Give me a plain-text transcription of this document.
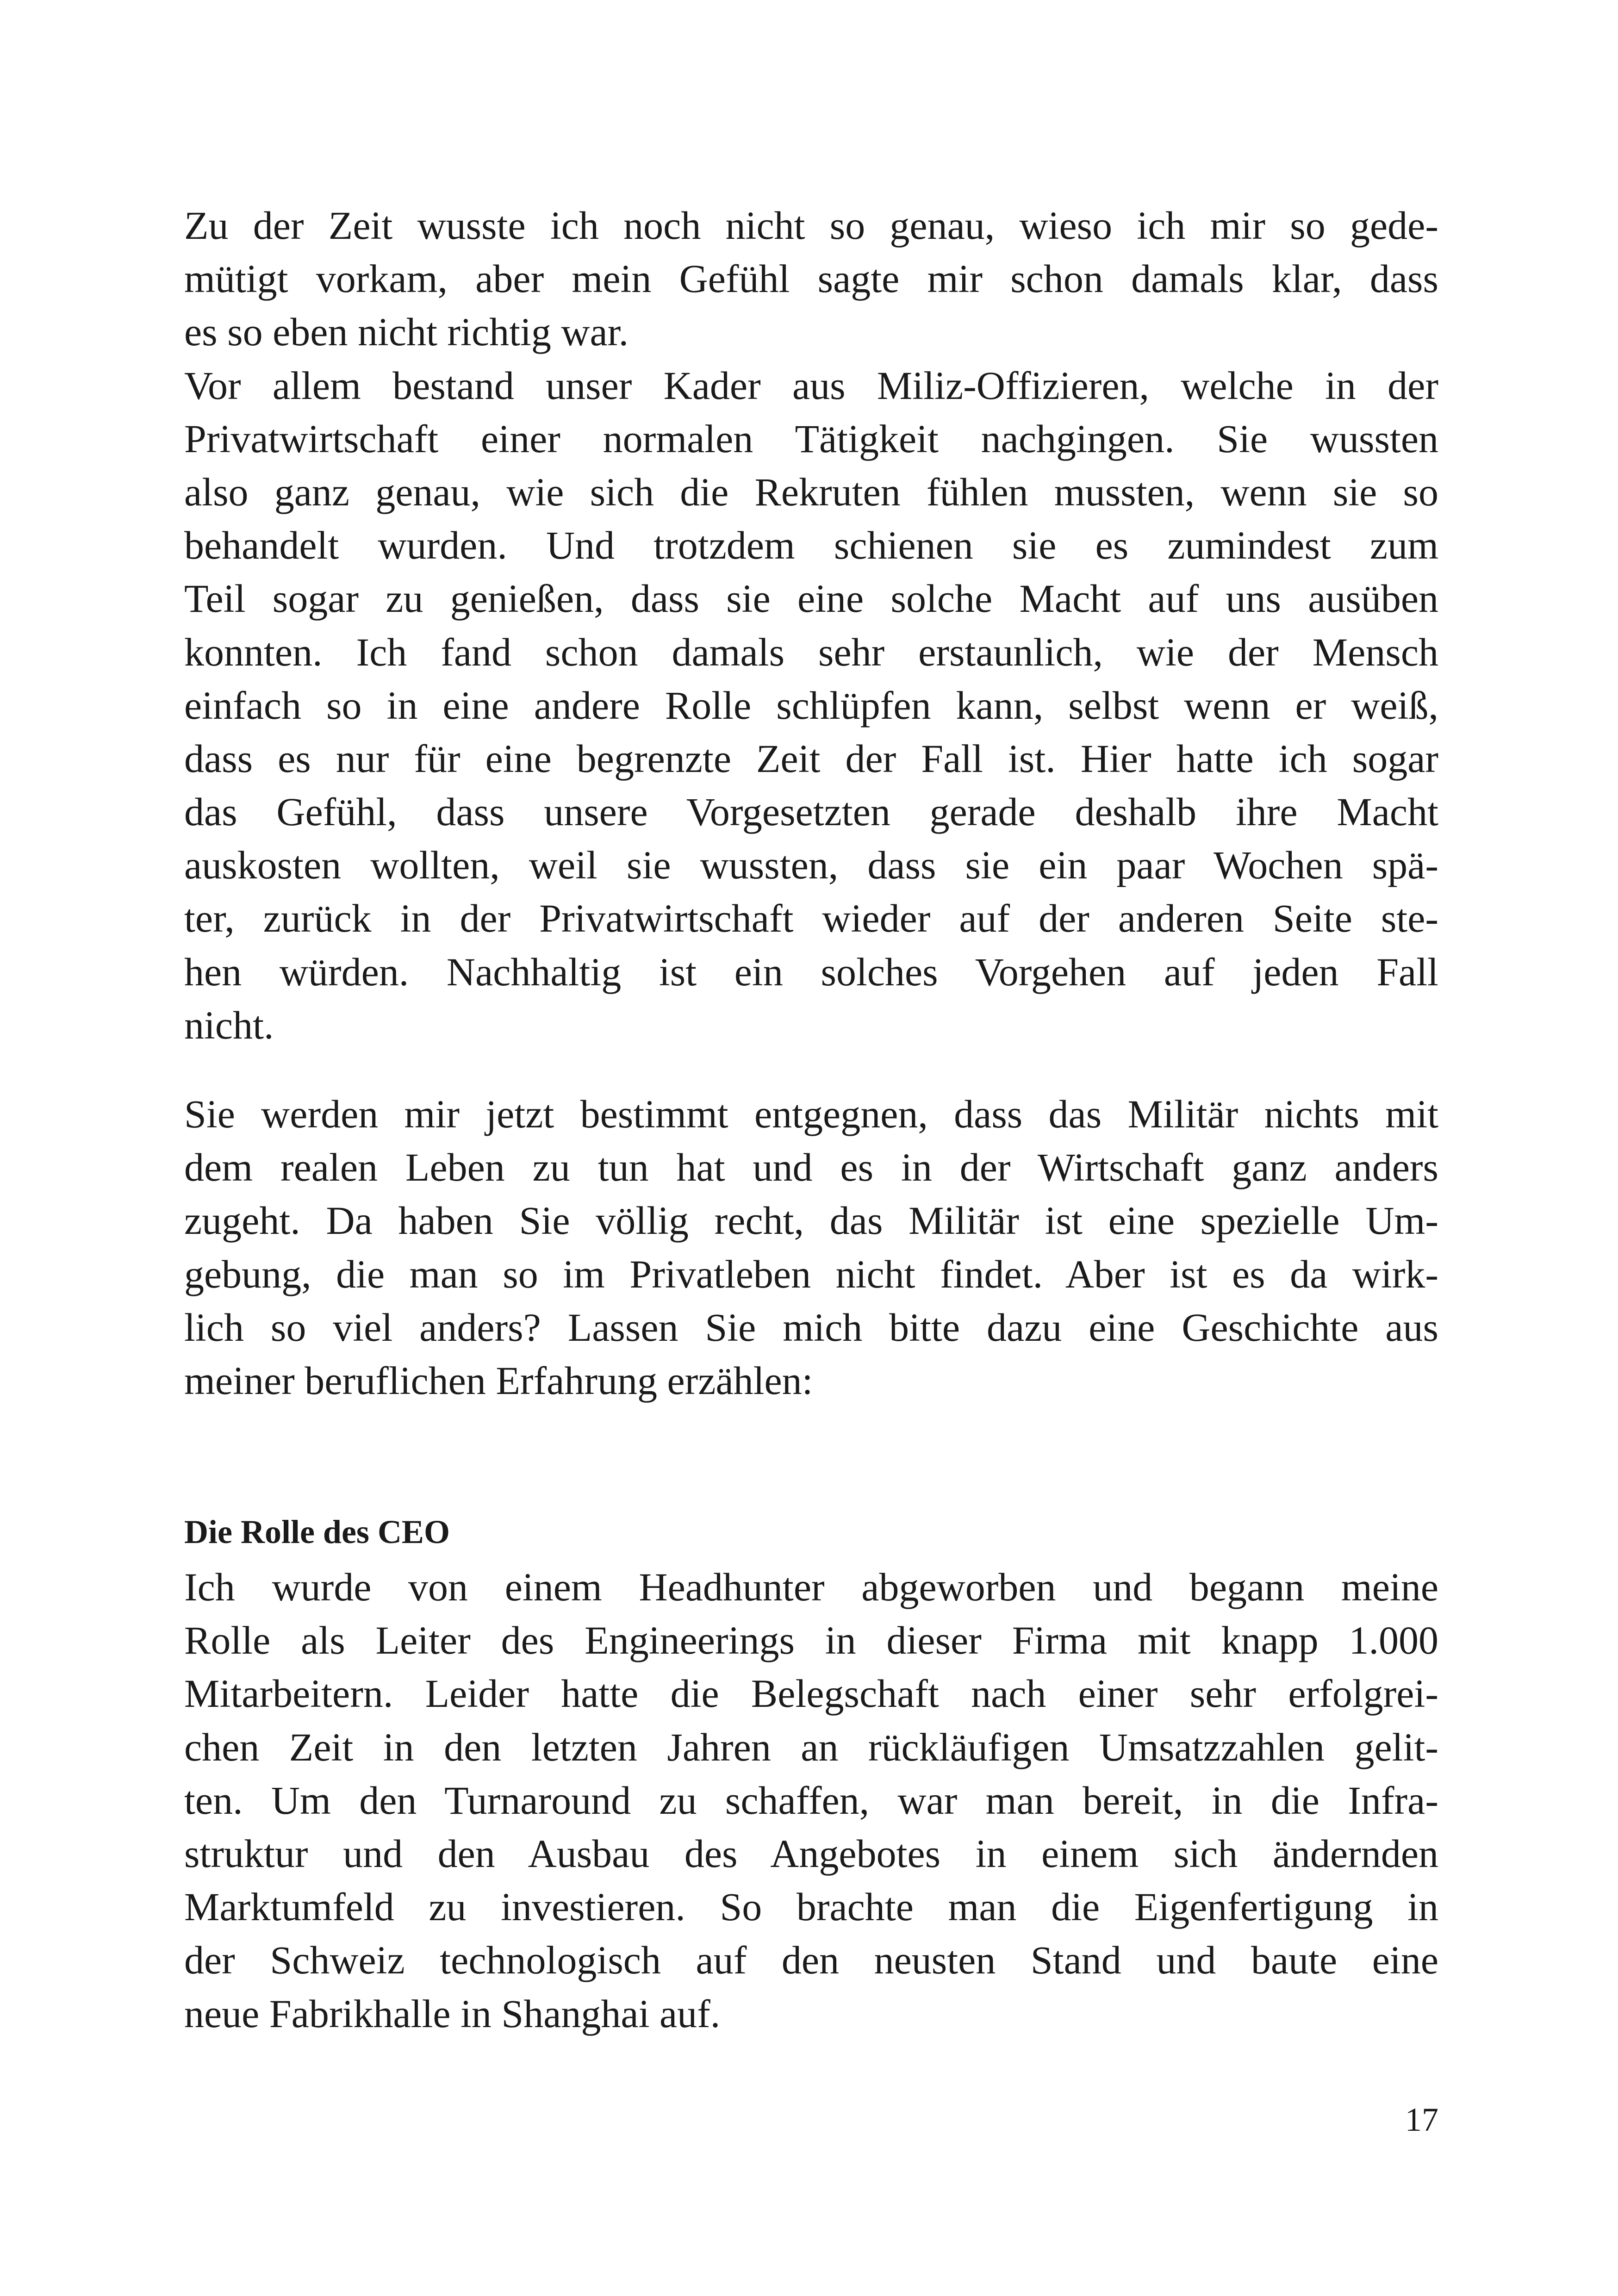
Zu der Zeit wusste ich noch nicht so genau, wieso ich mir so gede-
mütigt vorkam, aber mein Gefühl sagte mir schon damals klar, dass
es so eben nicht richtig war.
Vor allem bestand unser Kader aus Miliz-Offizieren, welche in der
Privatwirtschaft einer normalen Tätigkeit nachgingen. Sie wussten
also ganz genau, wie sich die Rekruten fühlen mussten, wenn sie so
behandelt wurden. Und trotzdem schienen sie es zumindest zum
Teil sogar zu genießen, dass sie eine solche Macht auf uns ausüben
konnten. Ich fand schon damals sehr erstaunlich, wie der Mensch
einfach so in eine andere Rolle schlüpfen kann, selbst wenn er weiß,
dass es nur für eine begrenzte Zeit der Fall ist. Hier hatte ich sogar
das Gefühl, dass unsere Vorgesetzten gerade deshalb ihre Macht
auskosten wollten, weil sie wussten, dass sie ein paar Wochen spä-
ter, zurück in der Privatwirtschaft wieder auf der anderen Seite ste-
hen würden. Nachhaltig ist ein solches Vorgehen auf jeden Fall
nicht.
Sie werden mir jetzt bestimmt entgegnen, dass das Militär nichts mit
dem realen Leben zu tun hat und es in der Wirtschaft ganz anders
zugeht. Da haben Sie völlig recht, das Militär ist eine spezielle Um-
gebung, die man so im Privatleben nicht findet. Aber ist es da wirk-
lich so viel anders? Lassen Sie mich bitte dazu eine Geschichte aus
meiner beruflichen Erfahrung erzählen:
Die Rolle des CEO
Ich wurde von einem Headhunter abgeworben und begann meine
Rolle als Leiter des Engineerings in dieser Firma mit knapp 1.000
Mitarbeitern. Leider hatte die Belegschaft nach einer sehr erfolgrei-
chen Zeit in den letzten Jahren an rückläufigen Umsatzzahlen gelit-
ten. Um den Turnaround zu schaffen, war man bereit, in die Infra-
struktur und den Ausbau des Angebotes in einem sich ändernden
Marktumfeld zu investieren. So brachte man die Eigenfertigung in
der Schweiz technologisch auf den neusten Stand und baute eine
neue Fabrikhalle in Shanghai auf.
17
